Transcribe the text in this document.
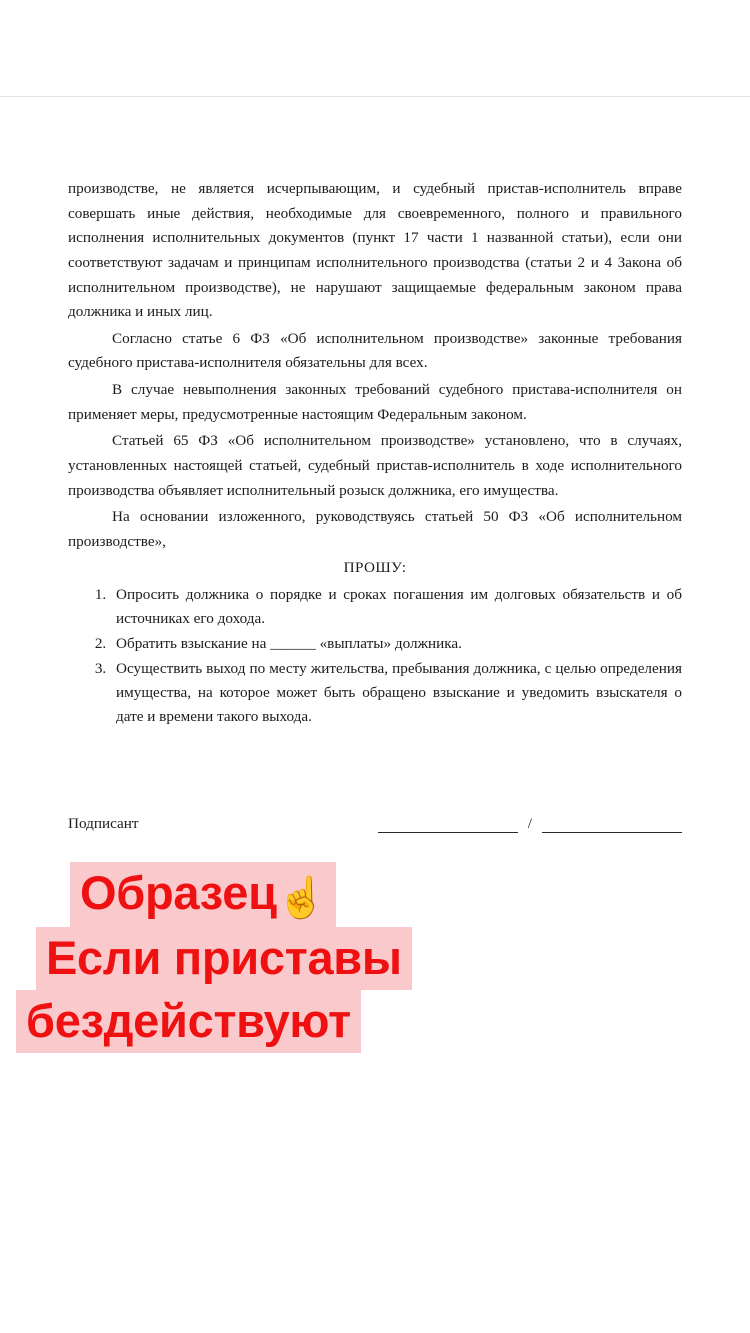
производстве, не является исчерпывающим, и судебный пристав-исполнитель вправе совершать иные действия, необходимые для своевременного, полного и правильного исполнения исполнительных документов (пункт 17 части 1 названной статьи), если они соответствуют задачам и принципам исполнительного производства (статьи 2 и 4 Закона об исполнительном производстве), не нарушают защищаемые федеральным законом права должника и иных лиц.

Согласно статье 6 ФЗ «Об исполнительном производстве» законные требования судебного пристава-исполнителя обязательны для всех.

В случае невыполнения законных требований судебного пристава-исполнителя он применяет меры, предусмотренные настоящим Федеральным законом.

Статьей 65 ФЗ «Об исполнительном производстве» установлено, что в случаях, установленных настоящей статьей, судебный пристав-исполнитель в ходе исполнительного производства объявляет исполнительный розыск должника, его имущества.

На основании изложенного, руководствуясь статьей 50 ФЗ «Об исполнительном производстве»,

ПРОШУ:

1. Опросить должника о порядке и сроках погашения им долговых обязательств и об источниках его дохода.
2. Обратить взыскание на ______ «выплаты» должника.
3. Осуществить выход по месту жительства, пребывания должника, с целью определения имущества, на которое может быть обращено взыскание и уведомить взыскателя о дате и времени такого выхода.
Подписант	/
Образец☝️
Если приставы
бездействуют
